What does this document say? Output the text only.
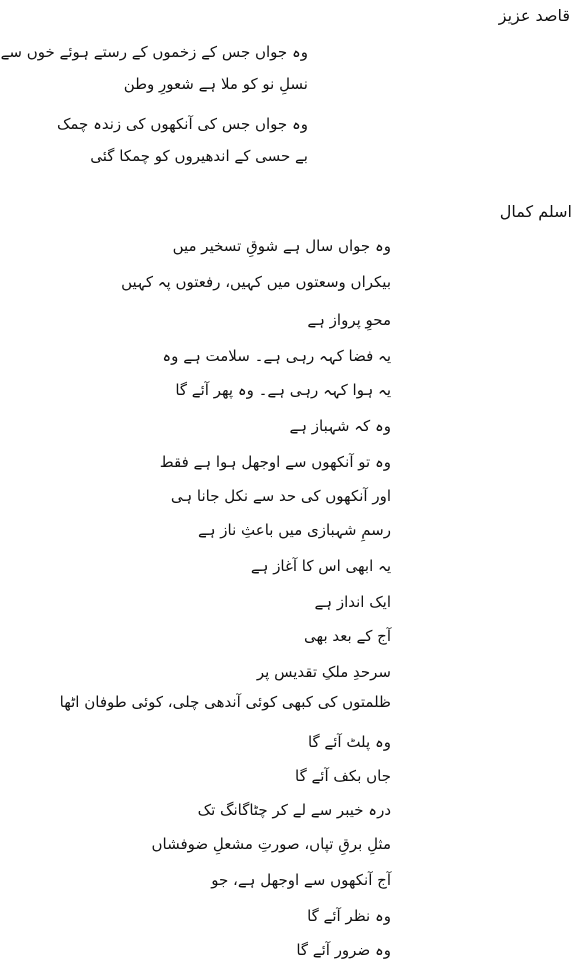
قاصد عزیز
وہ جواں جس کے زخموں کے رستے ہوئے خوں سے
نسلِ نو کو ملا ہے شعورِ وطن
وہ جواں جس کی آنکھوں کی زندہ چمک
بے حسی کے اندھیروں کو چمکا گئی
اسلم کمال
وہ جواں سال ہے شوقِ تسخیر میں
بیکراں وسعتوں میں کہیں، رفعتوں پہ کہیں
محوِ پرواز ہے
یہ فضا کہہ رہی ہے۔ سلامت ہے وہ
یہ ہوا کہہ رہی ہے۔ وہ پھر آئے گا
وہ کہ شہباز ہے
وہ تو آنکھوں سے اوجھل ہوا ہے فقط
اور آنکھوں کی حد سے نکل جانا ہی
رسمِ شہبازی میں باعثِ ناز ہے
یہ ابھی اس کا آغاز ہے
ایک انداز ہے
آج کے بعد بھی
سرحدِ ملکِ تقدیس پر
ظلمتوں کی کبھی کوئی آندھی چلی، کوئی طوفان اٹھا
وہ پلٹ آئے گا
جاں بکف آئے گا
درہ خیبر سے لے کر چٹاگانگ تک
مثلِ برقِ تپاں، صورتِ مشعلِ ضوفشاں
آج آنکھوں سے اوجھل ہے، جو
وہ نظر آئے گا
وہ ضرور آئے گا
